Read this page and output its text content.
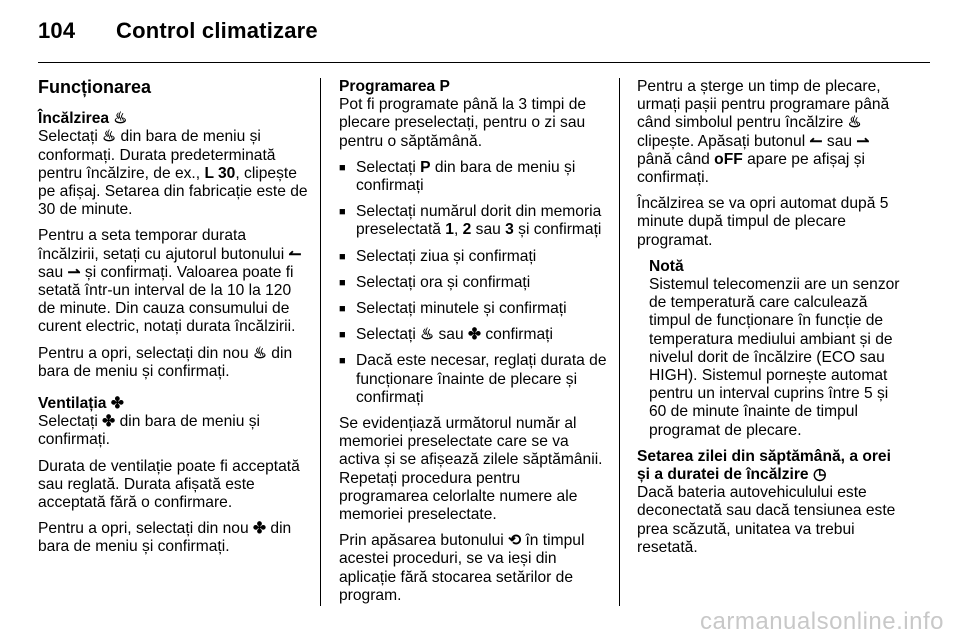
104 Control climatizare
Funcționarea

Încălzirea ♨
Selectați ♨ din bara de meniu și conformați. Durata predeterminată pentru încălzire, de ex., L 30, clipește pe afișaj. Setarea din fabricație este de 30 de minute.

Pentru a seta temporar durata încălzirii, setați cu ajutorul butonului ↼ sau ⇀ și confirmați. Valoarea poate fi setată într-un interval de la 10 la 120 de minute. Din cauza consumului de curent electric, notați durata încălzirii.

Pentru a opri, selectați din nou ♨ din bara de meniu și confirmați.

Ventilația ✤
Selectați ✤ din bara de meniu și confirmați.

Durata de ventilație poate fi acceptată sau reglată. Durata afișată este acceptată fără o confirmare.

Pentru a opri, selectați din nou ✤ din bara de meniu și confirmați.

Programarea P
Pot fi programate până la 3 timpi de plecare preselectați, pentru o zi sau pentru o săptămână.

■ Selectați P din bara de meniu și confirmați
■ Selectați numărul dorit din memoria preselectată 1, 2 sau 3 și confirmați
■ Selectați ziua și confirmați
■ Selectați ora și confirmați
■ Selectați minutele și confirmați
■ Selectați ♨ sau ✤ confirmați
■ Dacă este necesar, reglați durata de funcționare înainte de plecare și confirmați

Se evidențiază următorul număr al memoriei preselectate care se va activa și se afișează zilele săptămânii. Repetați procedura pentru programarea celorlalte numere ale memoriei preselectate.

Prin apăsarea butonului ⟲ în timpul acestei proceduri, se va ieși din aplicație fără stocarea setărilor de program.

Pentru a șterge un timp de plecare, urmați pașii pentru programare până când simbolul pentru încălzire ♨ clipește. Apăsați butonul ↼ sau ⇀ până când oFF apare pe afișaj și confirmați.

Încălzirea se va opri automat după 5 minute după timpul de plecare programat.

Notă
Sistemul telecomenzii are un senzor de temperatură care calculează timpul de funcționare în funcție de temperatura mediului ambiant și de nivelul dorit de încălzire (ECO sau HIGH). Sistemul pornește automat pentru un interval cuprins între 5 și 60 de minute înainte de timpul programat de plecare.

Setarea zilei din săptămână, a orei și a duratei de încălzire ◷
Dacă bateria autovehiculului este deconectată sau dacă tensiunea este prea scăzută, unitatea va trebui resetată.

carmanualsonline.info
